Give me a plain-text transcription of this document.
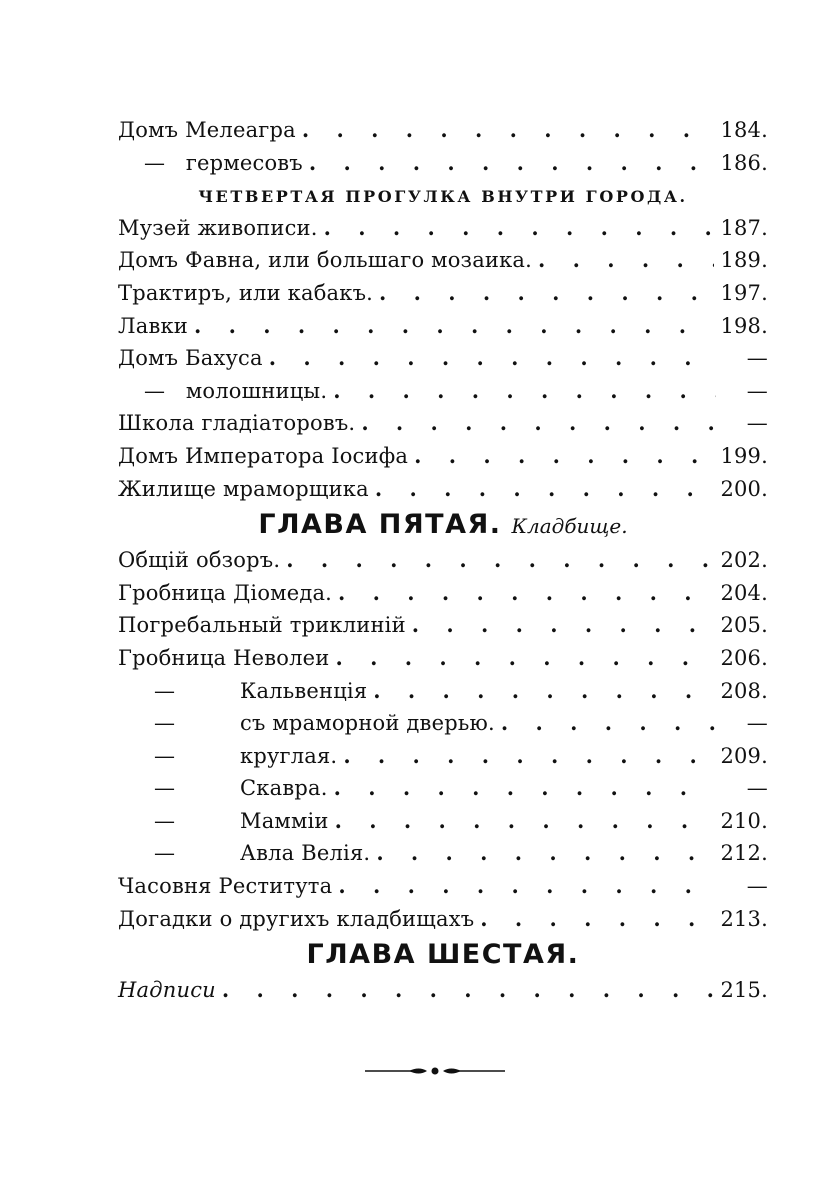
Домъ Мелеагра . . .	184.
— гермесовъ . . .	186.
ЧЕТВЕРТАЯ ПРОГУЛКА ВНУТРИ ГОРОДА.
Музей живописи. . . .	187.
Домъ Фавна, или большаго мозаика. . . .	189.
Трактиръ, или кабакъ. . . .	197.
Лавки . . .	198.
Домъ Бахуса . . .	—
— молошницы. . . .	—
Школа гладіаторовъ. . . .	—
Домъ Императора Іосифа . . .	199.
Жилище мраморщика . . .	200.
ГЛАВА ПЯТАЯ. Кладбище.
Общій обзоръ. . . .	202.
Гробница Діомеда. . . .	204.
Погребальный триклиній . . .	205.
Гробница Неволеи . . .	206.
—	Кальвенція . . .	208.
—	съ мраморной дверью. . . .	—
—	круглая. . . .	209.
—	Скавра. . . .	—
—	Мамміи . . .	210.
—	Авла Велія. . . .	212.
Часовня Реститута . . .	—
Догадки о другихъ кладбищахъ . . .	213.
ГЛАВА ШЕСТАЯ.
Надписи . . .	215.
